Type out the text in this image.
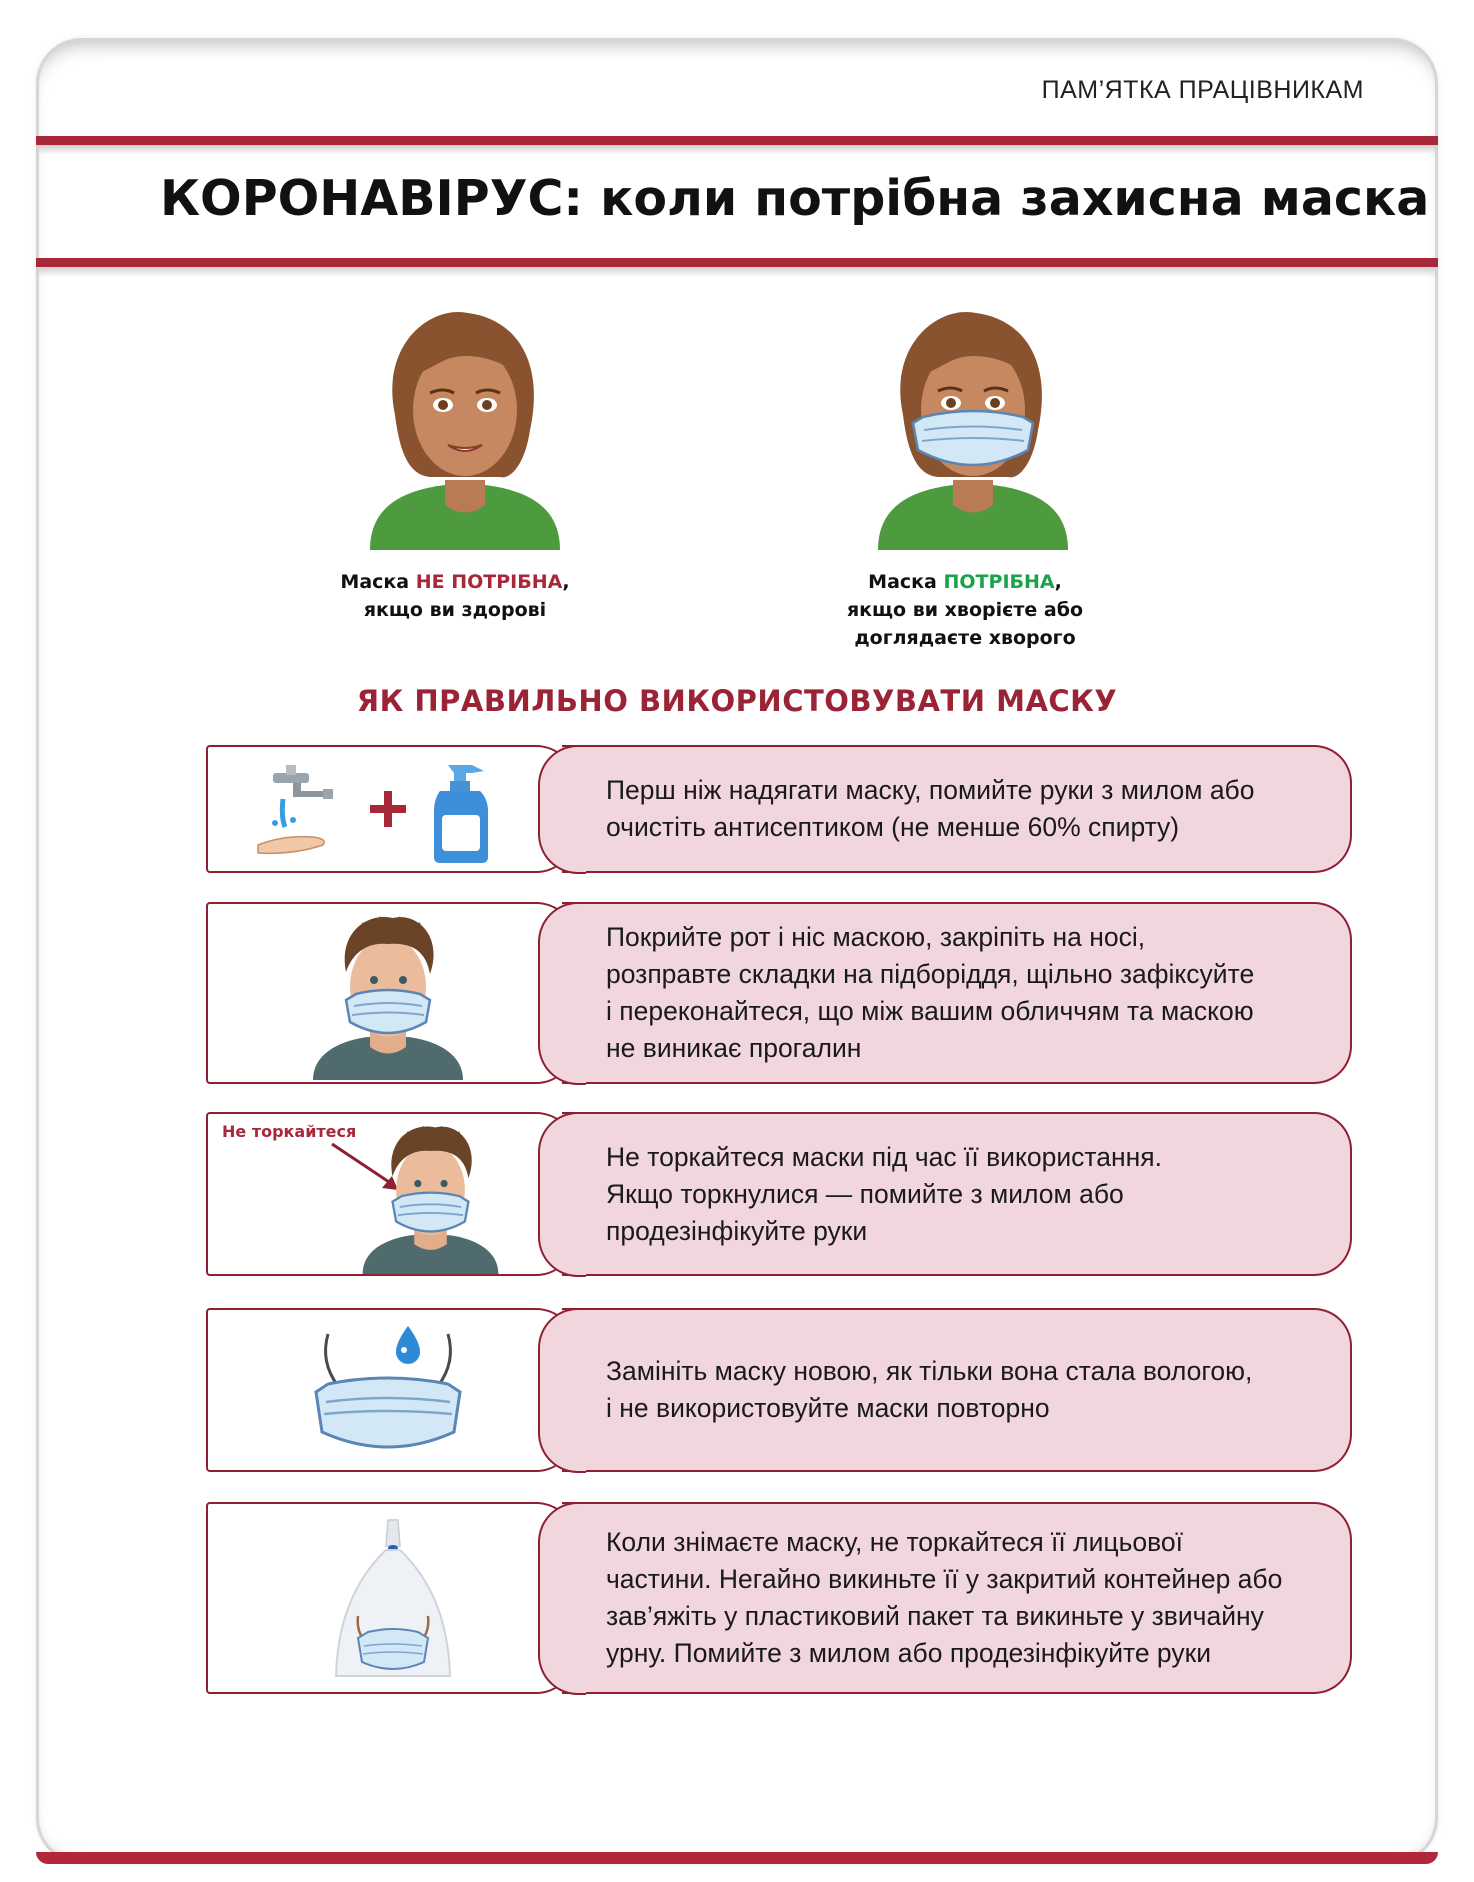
ПАМ’ЯТКА ПРАЦІВНИКАМ
КОРОНАВІРУС: коли потрібна захисна маска
Маска НЕ ПОТРІБНА,
якщо ви здорові
Маска ПОТРІБНА,
якщо ви хворієте або
доглядаєте хворого
ЯК ПРАВИЛЬНО ВИКОРИСТОВУВАТИ МАСКУ
Перш ніж надягати маску, помийте руки з милом або
очистіть антисептиком (не менше 60% спирту)
Покрийте рот і ніс маскою, закріпіть на носі,
розправте складки на підборіддя, щільно зафіксуйте
і переконайтеся, що між вашим обличчям та маскою
не виникає прогалин
Не торкайтеся
Не торкайтеся маски під час її використання.
Якщо торкнулися — помийте з милом або
продезінфікуйте руки
Замініть маску новою, як тільки вона стала вологою,
і не використовуйте маски повторно
Коли знімаєте маску, не торкайтеся її лицьової
частини. Негайно викиньте її у закритий контейнер або
зав’яжіть у пластиковий пакет та викиньте у звичайну
урну. Помийте з милом або продезінфікуйте руки
